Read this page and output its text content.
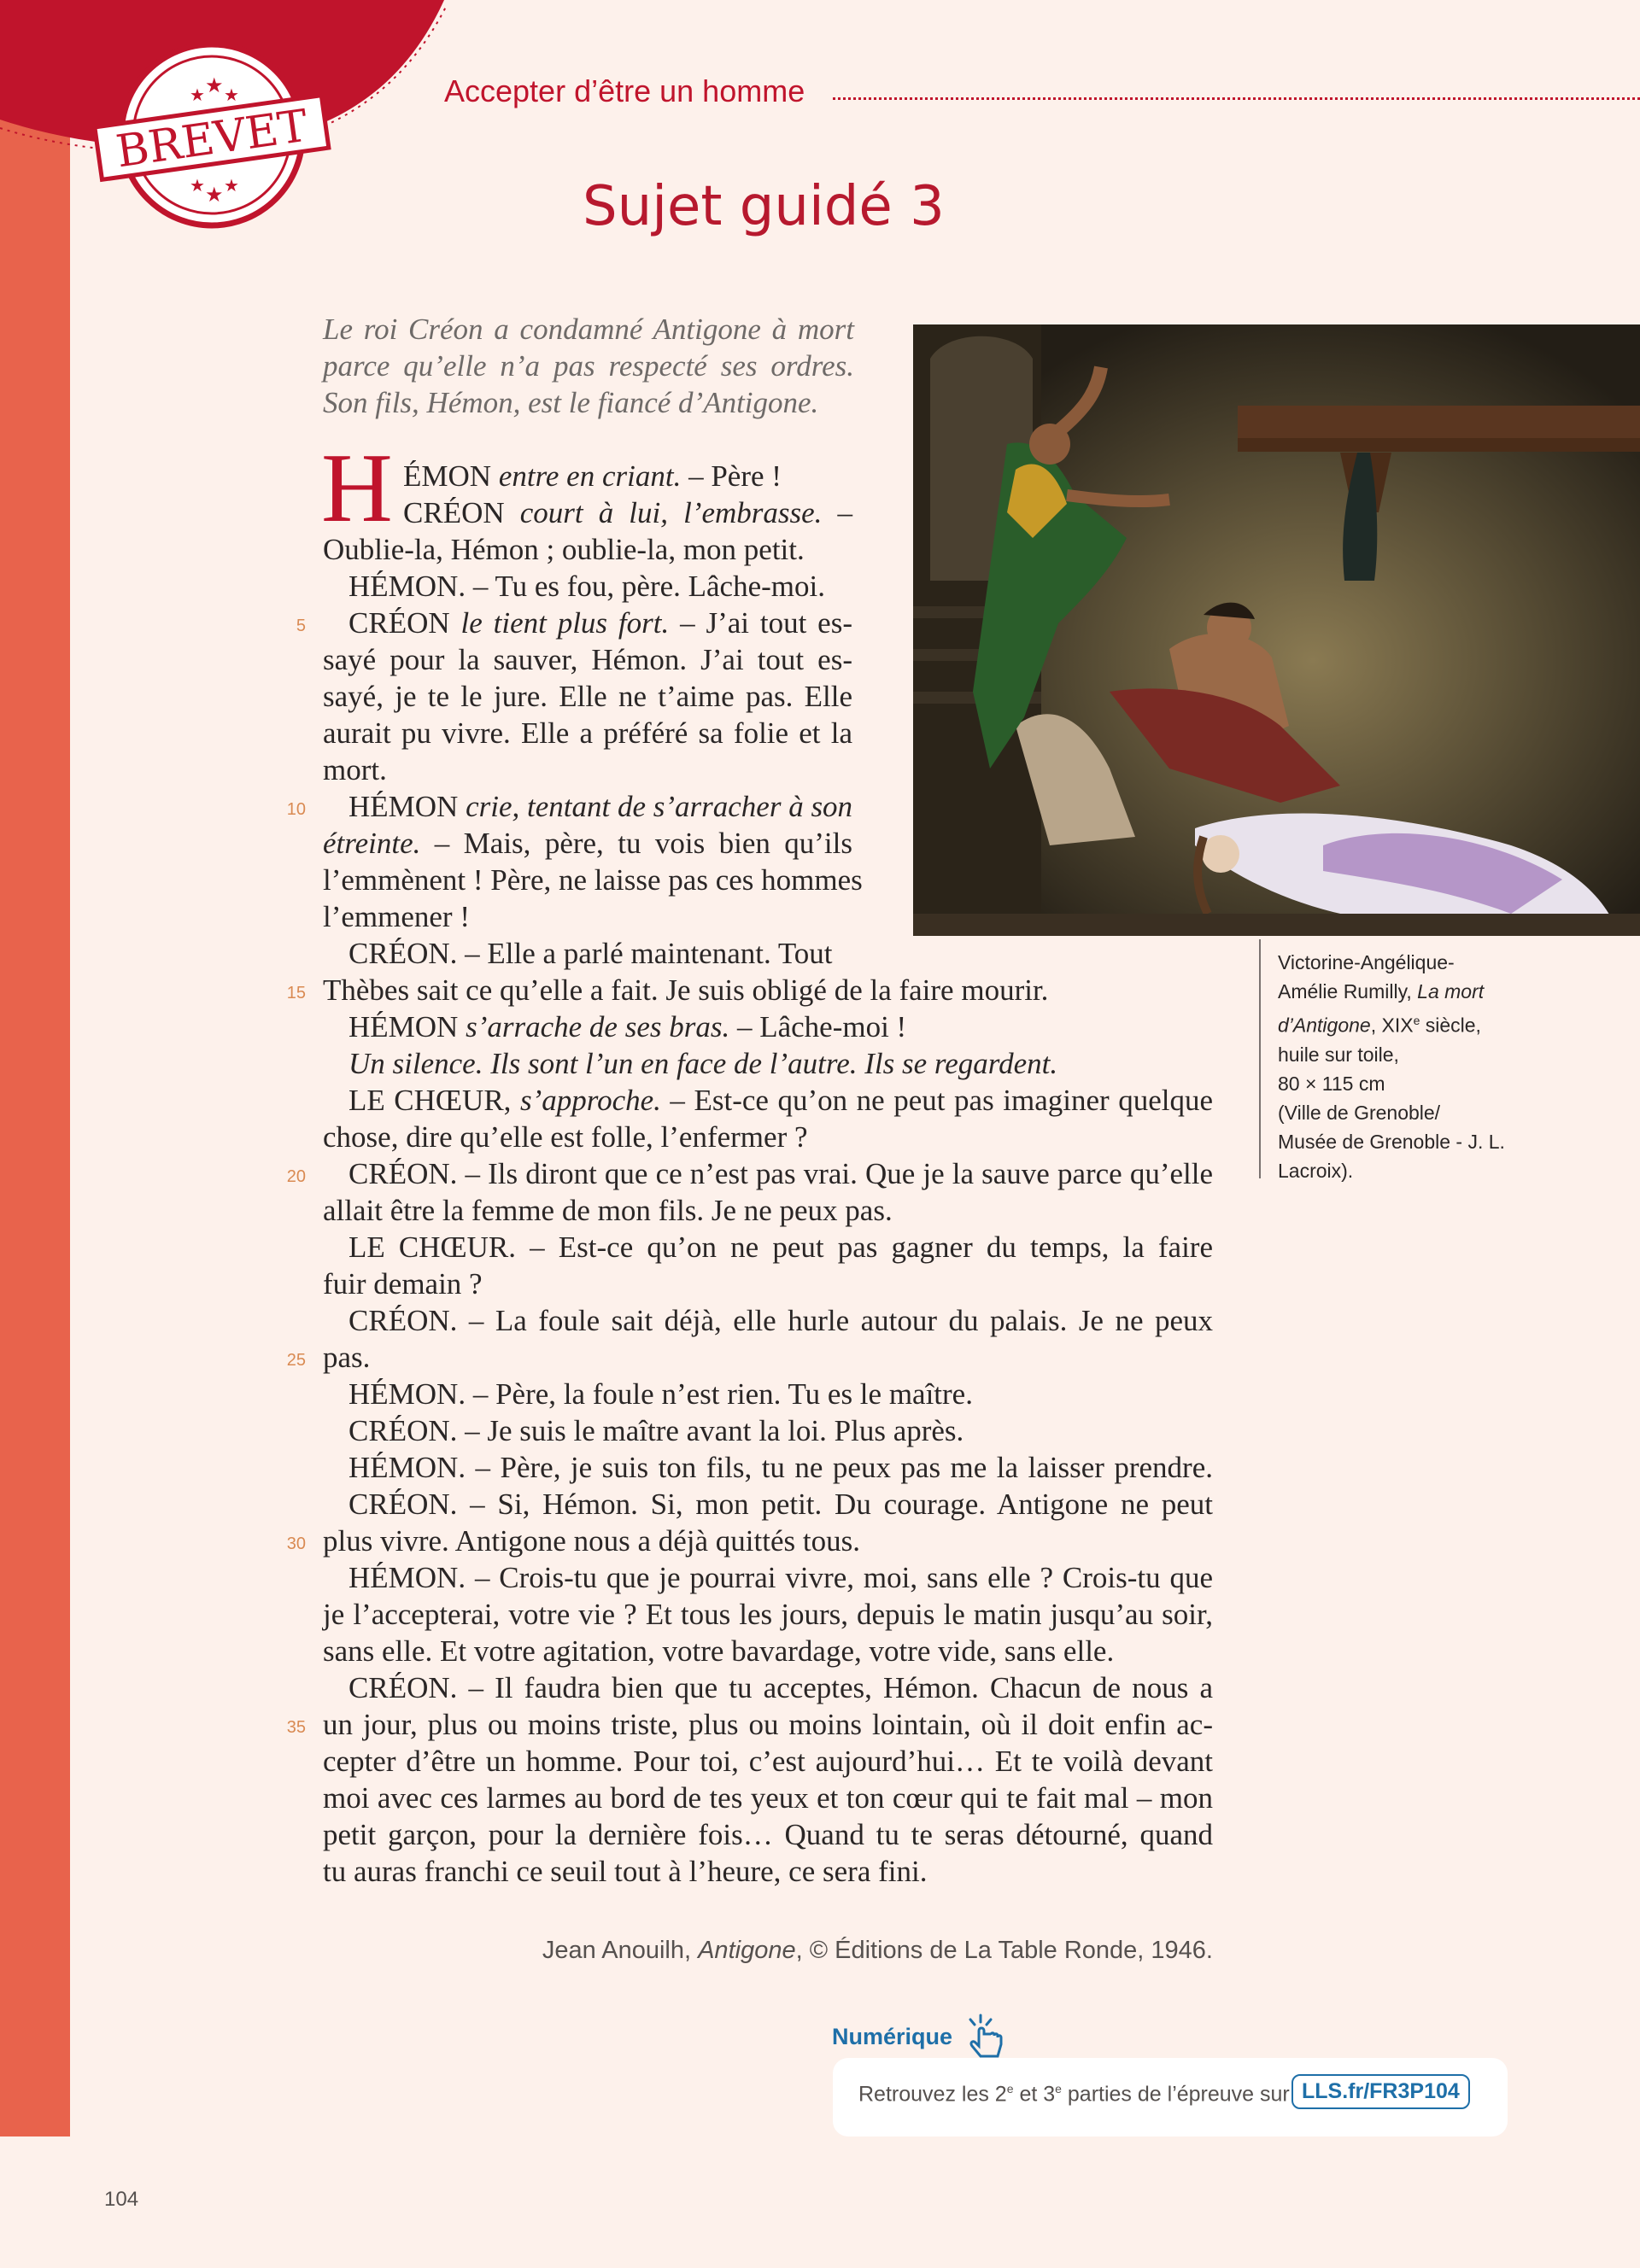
★ ★ ★
★ ★ ★
BREVET
Accepter d’être un homme
Sujet guidé 3
Le roi Créon a condamné Antigone à mort parce qu’elle n’a pas respecté ses ordres. Son fils, Hémon, est le fiancé d’Antigone.
Victorine-Angélique-
Amélie Rumilly, La mort
d’Antigone, XIXe siècle,
huile sur toile,
80 × 115 cm
(Ville de Grenoble/
Musée de Grenoble - J. L.
Lacroix).
H ÉMON entre en criant. – Père !
CRÉON court à lui, l’embrasse. –
Oublie-la, Hémon ; oublie-la, mon petit.
HÉMON. – Tu es fou, père. Lâche-moi.
CRÉON le tient plus fort. – J’ai tout es-
sayé pour la sauver, Hémon. J’ai tout es-
sayé, je te le jure. Elle ne t’aime pas. Elle
aurait pu vivre. Elle a préféré sa folie et la
mort.
HÉMON crie, tentant de s’arracher à son
étreinte. – Mais, père, tu vois bien qu’ils
l’emmènent ! Père, ne laisse pas ces hommes
l’emmener !
CRÉON. – Elle a parlé maintenant. Tout
Thèbes sait ce qu’elle a fait. Je suis obligé de la faire mourir.
HÉMON s’arrache de ses bras. – Lâche-moi !
Un silence. Ils sont l’un en face de l’autre. Ils se regardent.
LE CHŒUR, s’approche. – Est-ce qu’on ne peut pas imaginer quelque
chose, dire qu’elle est folle, l’enfermer ?
CRÉON. – Ils diront que ce n’est pas vrai. Que je la sauve parce qu’elle
allait être la femme de mon fils. Je ne peux pas.
LE CHŒUR. – Est-ce qu’on ne peut pas gagner du temps, la faire
fuir demain ?
CRÉON. – La foule sait déjà, elle hurle autour du palais. Je ne peux
pas.
HÉMON. – Père, la foule n’est rien. Tu es le maître.
CRÉON. – Je suis le maître avant la loi. Plus après.
HÉMON. – Père, je suis ton fils, tu ne peux pas me la laisser prendre.
CRÉON. – Si, Hémon. Si, mon petit. Du courage. Antigone ne peut
plus vivre. Antigone nous a déjà quittés tous.
HÉMON. – Crois-tu que je pourrai vivre, moi, sans elle ? Crois-tu que
je l’accepterai, votre vie ? Et tous les jours, depuis le matin jusqu’au soir,
sans elle. Et votre agitation, votre bavardage, votre vide, sans elle.
CRÉON. – Il faudra bien que tu acceptes, Hémon. Chacun de nous a
un jour, plus ou moins triste, plus ou moins lointain, où il doit enfin ac-
cepter d’être un homme. Pour toi, c’est aujourd’hui… Et te voilà devant
moi avec ces larmes au bord de tes yeux et ton cœur qui te fait mal – mon
petit garçon, pour la dernière fois… Quand tu te seras détourné, quand
tu auras franchi ce seuil tout à l’heure, ce sera fini.
5
10
15
20
25
30
35
Jean Anouilh, Antigone, © Éditions de La Table Ronde, 1946.
Numérique
Retrouvez les 2e et 3e parties de l’épreuve sur LLS.fr/FR3P104
104
